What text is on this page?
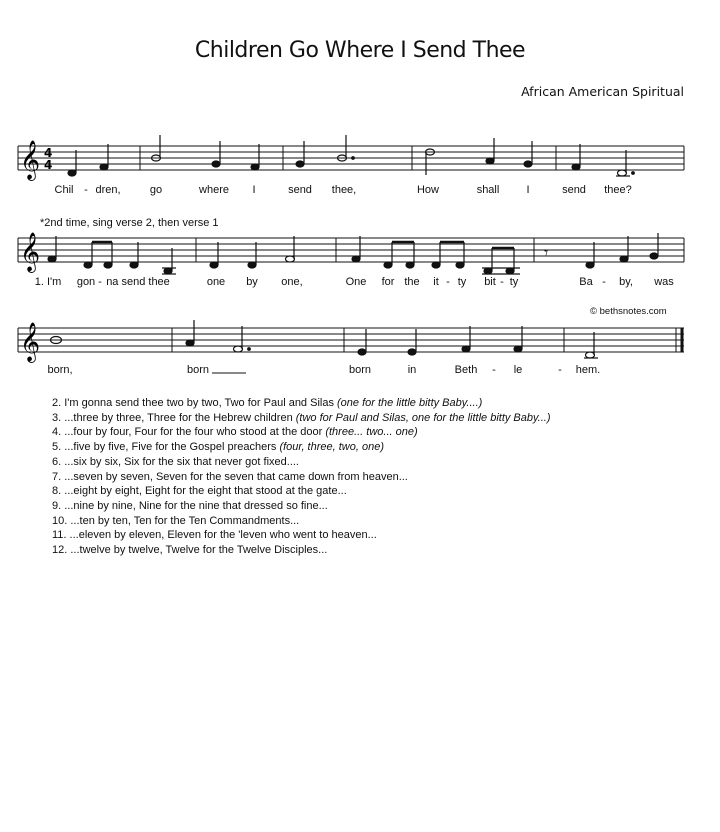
Children Go Where I Send Thee
African American Spiritual
𝄞 4
4
Chil - dren,	go	where I	send thee,	How	shall I	send thee?
*2nd time, sing verse 2, then verse 1
𝄞	𝄾
1. I'm gon - na send thee	one by one,	One for the it - ty bit - ty	Ba - by, was
© bethsnotes.com
𝄞
born,	born	born	in	Beth - le	- hem.
2. I'm gonna send thee two by two, Two for Paul and Silas (one for the little bitty Baby....)
3. ...three by three, Three for the Hebrew children (two for Paul and Silas, one for the little bitty Baby...)
4. ...four by four, Four for the four who stood at the door (three... two... one)
5. ...five by five, Five for the Gospel preachers (four, three, two, one)
6. ...six by six, Six for the six that never got fixed....
7. ...seven by seven, Seven for the seven that came down from heaven...
8. ...eight by eight, Eight for the eight that stood at the gate...
9. ...nine by nine, Nine for the nine that dressed so fine...
10. ...ten by ten, Ten for the Ten Commandments...
11. ...eleven by eleven, Eleven for the 'leven who went to heaven...
12. ...twelve by twelve, Twelve for the Twelve Disciples...
